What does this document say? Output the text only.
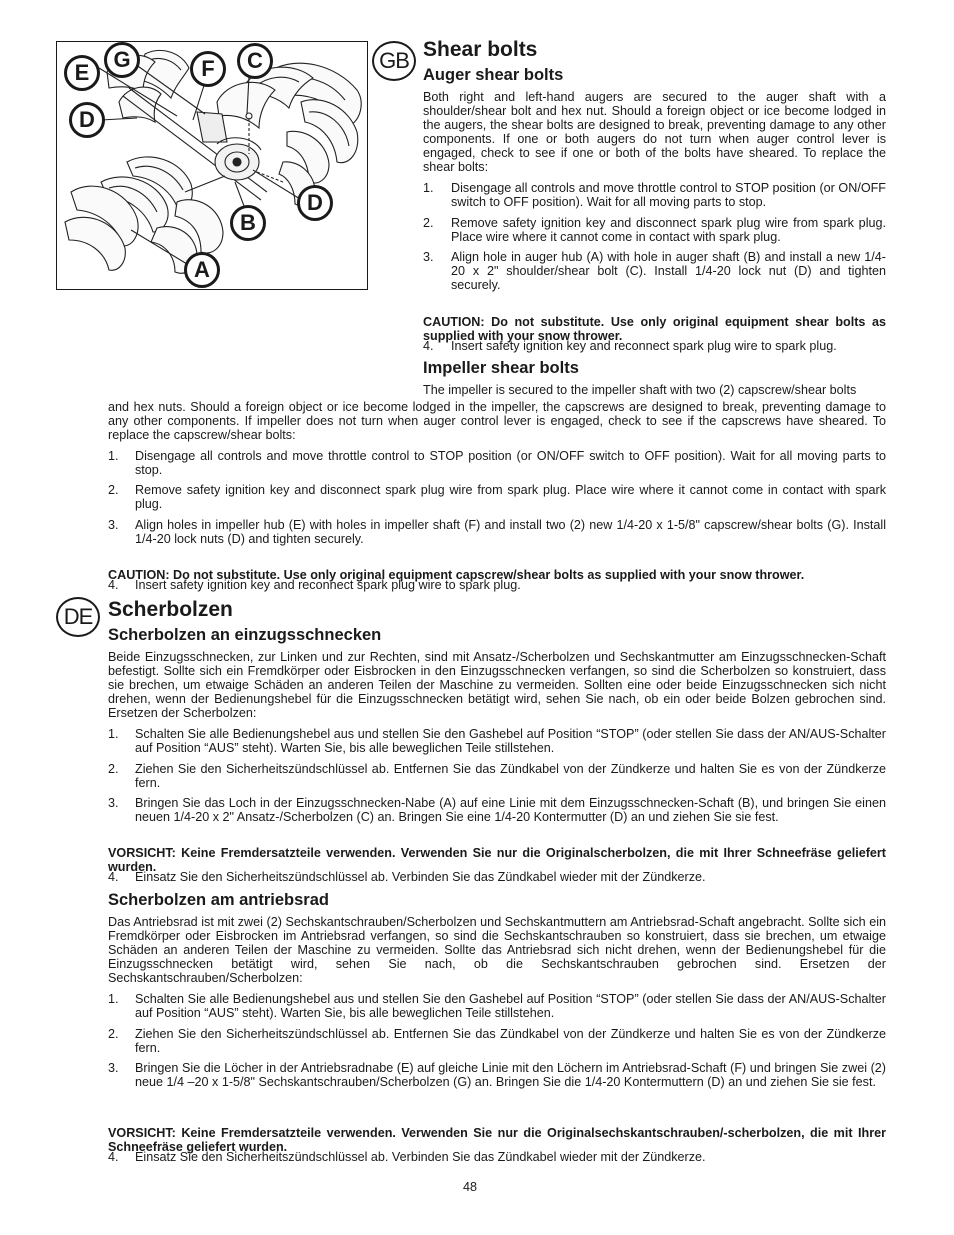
E
G	F	C
D
D
B
A
GB Shear bolts
Auger shear bolts

Both right and left-hand augers are secured to the auger shaft with a shoulder/shear bolt and hex nut. Should a foreign object or ice become lodged in the augers, the shear bolts are designed to break, preventing damage to any other components. If one or both augers do not turn when auger control lever is engaged, check to see if one or both of the bolts have sheared. To replace the shear bolts:

1. Disengage all controls and move throttle control to STOP position (or ON/OFF switch to OFF position). Wait for all moving parts to stop.
2. Remove safety ignition key and disconnect spark plug wire from spark plug. Place wire where it cannot come in contact with spark plug.
3. Align hole in auger hub (A) with hole in auger shaft (B) and install a new 1/4-20 x 2" shoulder/shear bolt (C). Install 1/4-20 lock nut (D) and tighten securely.

CAUTION: Do not substitute. Use only original equipment shear bolts as supplied with your snow thrower.

4. Insert safety ignition key and reconnect spark plug wire to spark plug.
Impeller shear bolts

The impeller is secured to the impeller shaft with two (2) capscrew/shear bolts

and hex nuts. Should a foreign object or ice become lodged in the impeller, the capscrews are designed to break, preventing damage to any other components. If impeller does not turn when auger control lever is engaged, check to see if the capscrews have sheared. To replace the capscrew/shear bolts:

1. Disengage all controls and move throttle control to STOP position (or ON/OFF switch to OFF position). Wait for all moving parts to stop.
2. Remove safety ignition key and disconnect spark plug wire from spark plug. Place wire where it cannot come in contact with spark plug.
3. Align holes in impeller hub (E) with holes in impeller shaft (F) and install two (2) new 1/4-20 x 1-5/8" capscrew/shear bolts (G). Install 1/4-20 lock nuts (D) and tighten securely.

CAUTION: Do not substitute. Use only original equipment capscrew/shear bolts as supplied with your snow thrower.

4. Insert safety ignition key and reconnect spark plug wire to spark plug.
DE Scherbolzen
Scherbolzen an einzugsschnecken

Beide Einzugsschnecken, zur Linken und zur Rechten, sind mit Ansatz-/Scherbolzen und Sechskantmutter am Einzugsschnecken-Schaft befestigt. Sollte sich ein Fremdkörper oder Eisbrocken in den Einzugsschnecken verfangen, so sind die Scherbolzen so konstruiert, dass sie brechen, um etwaige Schäden an anderen Teilen der Maschine zu vermeiden. Sollten eine oder beide Einzugsschnecken sich nicht drehen, wenn der Bedienungshebel für die Einzugsschnecken betätigt wird, sehen Sie nach, ob ein oder beide Bolzen gebrochen sind. Ersetzen der Scherbolzen:

1. Schalten Sie alle Bedienungshebel aus und stellen Sie den Gashebel auf Position “STOP” (oder stellen Sie dass der AN/AUS-Schalter auf Position “AUS” steht). Warten Sie, bis alle beweglichen Teile stillstehen.
2. Ziehen Sie den Sicherheitszündschlüssel ab. Entfernen Sie das Zündkabel von der Zündkerze und halten Sie es von der Zündkerze fern.
3. Bringen Sie das Loch in der Einzugsschnecken-Nabe (A) auf eine Linie mit dem Einzugsschnecken-Schaft (B), und bringen Sie einen neuen 1/4-20 x 2" Ansatz-/Scherbolzen (C) an. Bringen Sie eine 1/4-20 Kontermutter (D) an und ziehen Sie sie fest.

VORSICHT: Keine Fremdersatzteile verwenden. Verwenden Sie nur die Originalscherbolzen, die mit Ihrer Schneefräse geliefert wurden.

4. Einsatz Sie den Sicherheitszündschlüssel ab. Verbinden Sie das Zündkabel wieder mit der Zündkerze.
Scherbolzen am antriebsrad

Das Antriebsrad ist mit zwei (2) Sechskantschrauben/Scherbolzen und Sechskantmuttern am Antriebsrad-Schaft angebracht. Sollte sich ein Fremdkörper oder Eisbrocken im Antriebsrad verfangen, so sind die Sechskantschrauben so konstruiert, dass sie brechen, um etwaige Schäden an anderen Teilen der Maschine zu vermeiden. Sollte das Antriebsrad sich nicht drehen, wenn der Bedienungshebel für die Einzugsschnecken betätigt wird, sehen Sie nach, ob die Sechskantschrauben gebrochen sind. Ersetzen der Sechskantschrauben/Scherbolzen:

1. Schalten Sie alle Bedienungshebel aus und stellen Sie den Gashebel auf Position “STOP” (oder stellen Sie dass der AN/AUS-Schalter auf Position “AUS” steht). Warten Sie, bis alle beweglichen Teile stillstehen.
2. Ziehen Sie den Sicherheitszündschlüssel ab. Entfernen Sie das Zündkabel von der Zündkerze und halten Sie es von der Zündkerze fern.
3. Bringen Sie die Löcher in der Antriebsradnabe (E) auf gleiche Linie mit den Löchern im Antriebsrad-Schaft (F) und bringen Sie zwei (2) neue 1/4 –20 x 1-5/8" Sechskantschrauben/Scherbolzen (G) an. Bringen Sie die 1/4-20 Kontermuttern (D) an und ziehen Sie sie fest.

VORSICHT: Keine Fremdersatzteile verwenden. Verwenden Sie nur die Originalsechskantschrauben/-scherbolzen, die mit Ihrer Schneefräse geliefert wurden.

4. Einsatz Sie den Sicherheitszündschlüssel ab. Verbinden Sie das Zündkabel wieder mit der Zündkerze.
48
